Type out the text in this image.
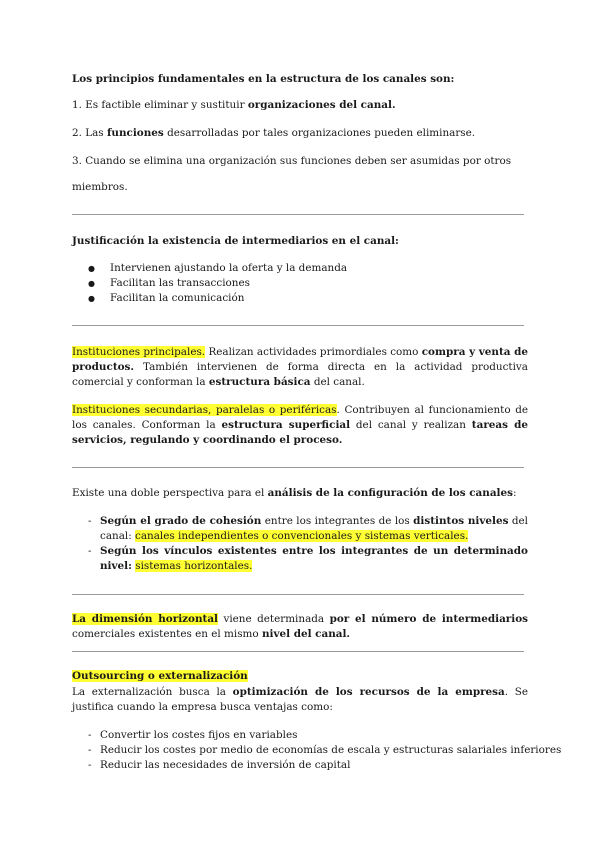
Los principios fundamentales en la estructura de los canales son:

1. Es factible eliminar y sustituir organizaciones del canal.

2. Las funciones desarrolladas por tales organizaciones pueden eliminarse.

3. Cuando se elimina una organización sus funciones deben ser asumidas por otros

miembros.

Justificación la existencia de intermediarios en el canal:

● Intervienen ajustando la oferta y la demanda
● Facilitan las transacciones
● Facilitan la comunicación

Instituciones principales. Realizan actividades primordiales como compra y venta de productos. También intervienen de forma directa en la actividad productiva comercial y conforman la estructura básica del canal.

Instituciones secundarias, paralelas o periféricas. Contribuyen al funcionamiento de los canales. Conforman la estructura superficial del canal y realizan tareas de servicios, regulando y coordinando el proceso.

Existe una doble perspectiva para el análisis de la configuración de los canales:

- Según el grado de cohesión entre los integrantes de los distintos niveles del canal: canales independientes o convencionales y sistemas verticales.
- Según los vínculos existentes entre los integrantes de un determinado nivel: sistemas horizontales.

La dimensión horizontal viene determinada por el número de intermediarios comerciales existentes en el mismo nivel del canal.

Outsourcing o externalización

La externalización busca la optimización de los recursos de la empresa. Se justifica cuando la empresa busca ventajas como:

- Convertir los costes fijos en variables
- Reducir los costes por medio de economías de escala y estructuras salariales inferiores
- Reducir las necesidades de inversión de capital
